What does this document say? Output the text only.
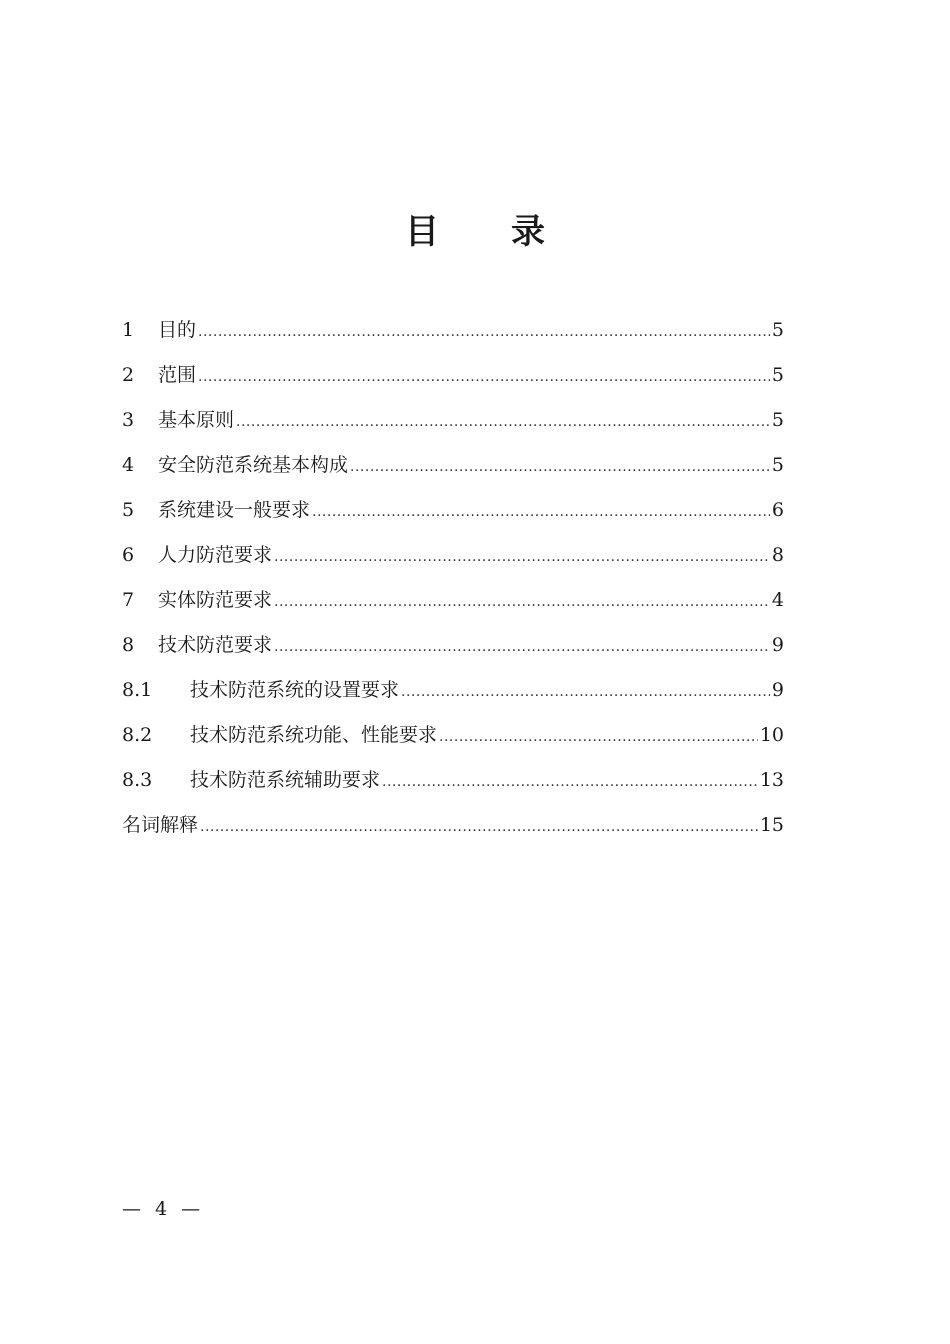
目 录
1	目的 .....	5
2	范围 .....	5
3	基本原则 .....	5
4	安全防范系统基本构成 .....	5
5	系统建设一般要求 .....	6
6	人力防范要求 .....	8
7	实体防范要求 .....	4
8	技术防范要求 .....	9
8.1	技术防范系统的设置要求 .....	9
8.2	技术防范系统功能、性能要求 .....	10
8.3	技术防范系统辅助要求 .....	13
名词解释 .....	15
— 4 —
